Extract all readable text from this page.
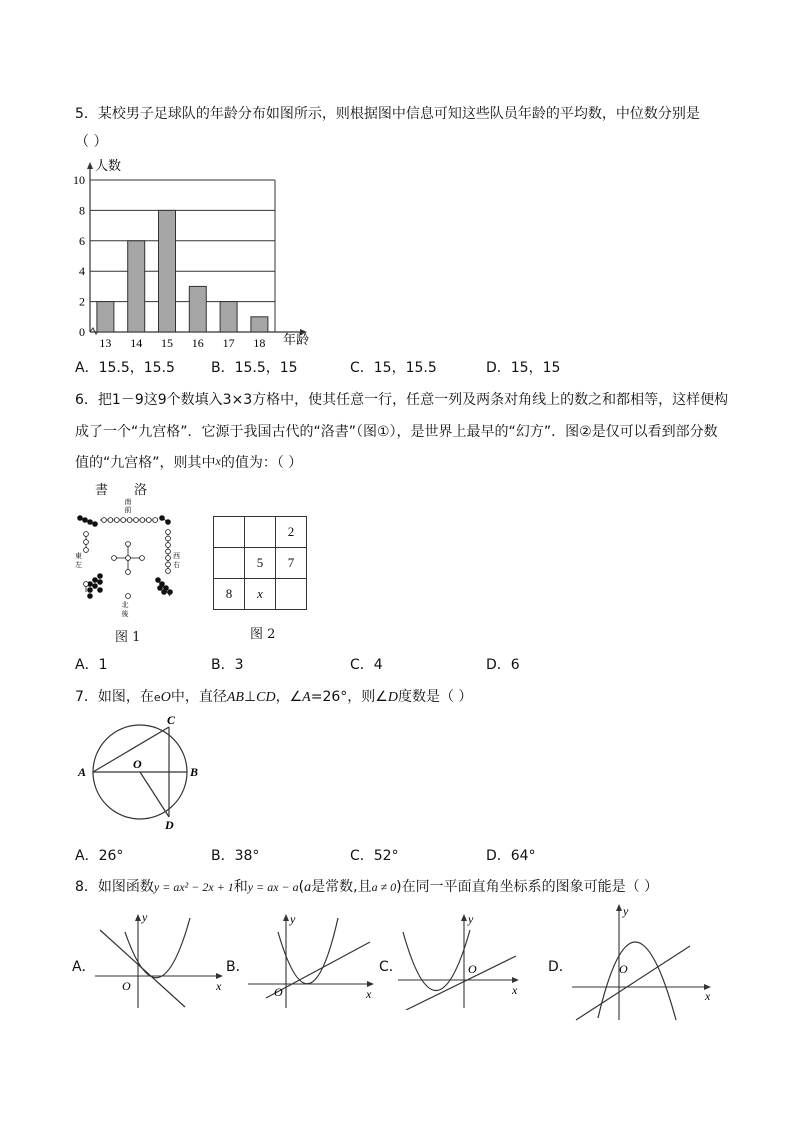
5．某校男子足球队的年龄分布如图所示，则根据图中信息可知这些队员年龄的平均数，中位数分别是
（ ）
0
2
4
6
8
10
13 14 15 16 17 18
人数
年龄
A．15.5，15.5	B．15.5，15	C．15，15.5	D．15，15
6．把1－9这9个数填入3×3方格中，使其任意一行，任意一列及两条对角线上的数之和都相等，这样便构
成了一个“九宫格”．它源于我国古代的“洛書”（图①），是世界上最早的“幻方”．图②是仅可以看到部分数
值的“九宫格”，则其中x的值为：（ ）
書　　洛
南
前
東
左
西
右
北
後
图 1
		2
	5	7
8	x	
图 2
A．1	B．3	C．4	D．6
7．如图，在eO中，直径AB⊥CD，∠A=26°，则∠D度数是（ ）
A	B
C
D
O
A．26°	B．38°	C．52°	D．64°
8．如图函数y = ax² − 2x + 1和y = ax − a(a是常数,且a ≠ 0)在同一平面直角坐标系的图象可能是（ ）
A．
y
x
O
B．
y
x
O
C．
y
x
O	D．
y
x
O
